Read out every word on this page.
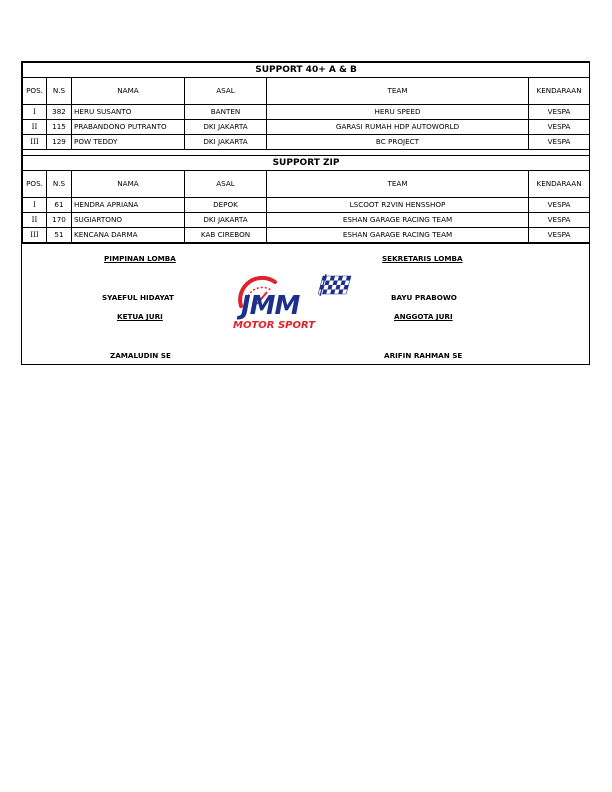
SUPPORT 40+ A & B					
POS.	N.S	NAMA	ASAL	TEAM	KENDARAAN
I	382	HERU SUSANTO	BANTEN	HERU SPEED	VESPA
II	115	PRABANDONO PUTRANTO	DKI JAKARTA	GARASI RUMAH HDP AUTOWORLD	VESPA
III	129	POW TEDDY	DKI JAKARTA	BC PROJECT	VESPA

SUPPORT ZIP					
POS.	N.S	NAMA	ASAL	TEAM	KENDARAAN
I	61	HENDRA APRIANA	DEPOK	LSCOOT R2VIN HENSSHOP	VESPA
II	170	SUGIARTONO	DKI JAKARTA	ESHAN GARAGE RACING TEAM	VESPA
III	51	KENCANA DARMA	KAB CIREBON	ESHAN GARAGE RACING TEAM	VESPA
PIMPINAN LOMBA
SYAEFUL HIDAYAT
KETUA JURI
ZAMALUDIN SE
SEKRETARIS LOMBA
BAYU PRABOWO
ANGGOTA JURI
ARIFIN RAHMAN SE
JMM
MOTOR SPORT
